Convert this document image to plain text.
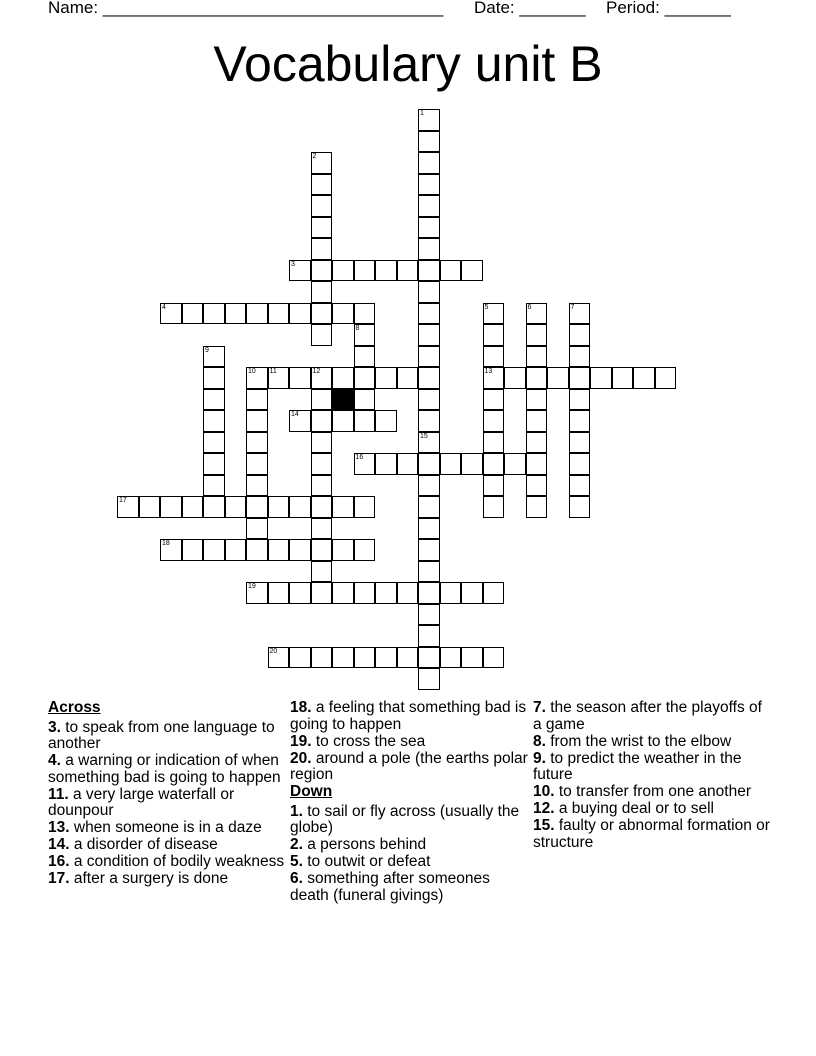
Name: ____________________________________ Date: _______ Period: _______
Vocabulary unit B
1
15
2
3
4	5
13
6	7
8
9
10 11	12
14
16
17
18
19
20
Across
3. to speak from one language to another
4. a warning or indication of when something bad is going to happen
11. a very large waterfall or dounpour
13. when someone is in a daze
14. a disorder of disease
16. a condition of bodily weakness
17. after a surgery is done
18. a feeling that something bad is going to happen
19. to cross the sea
20. around a pole (the earths polar region
Down
1. to sail or fly across (usually the globe)
2. a persons behind
5. to outwit or defeat
6. something after someones death (funeral givings)
7. the season after the playoffs of a game
8. from the wrist to the elbow
9. to predict the weather in the future
10. to transfer from one another
12. a buying deal or to sell
15. faulty or abnormal formation or structure
